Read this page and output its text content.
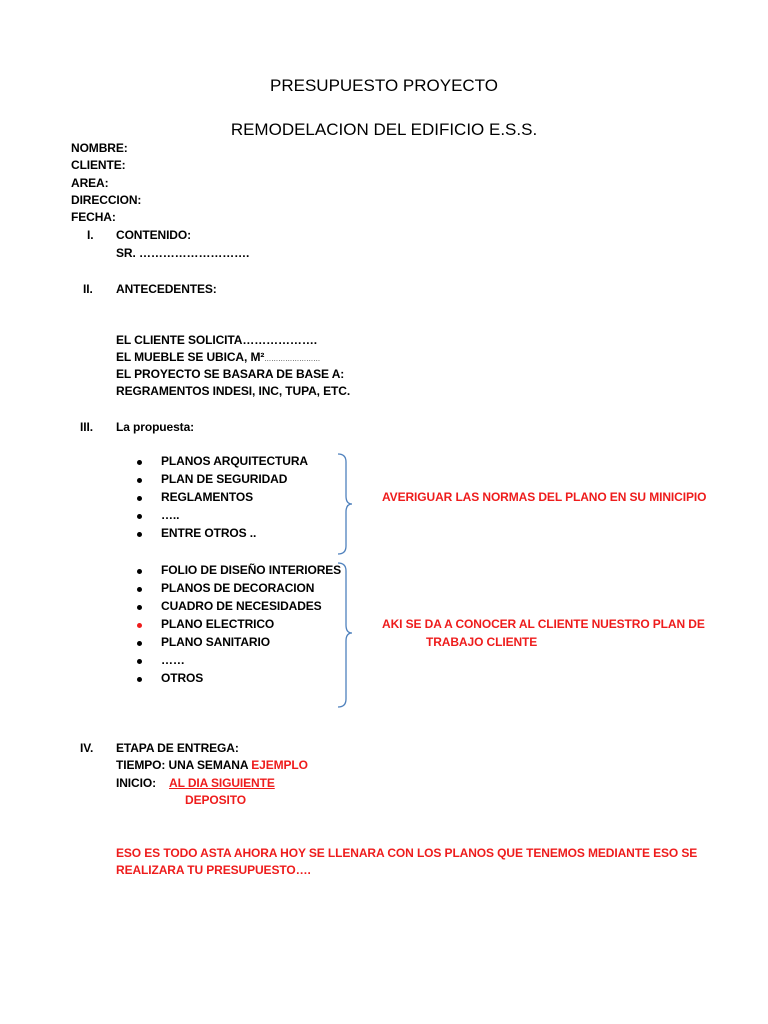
PRESUPUESTO PROYECTO
REMODELACION DEL EDIFICIO E.S.S.
NOMBRE:
CLIENTE:
AREA:
DIRECCION:
FECHA:
I. CONTENIDO:
SR. ……………………….
II. ANTECEDENTES:
EL CLIENTE SOLICITA……………….
EL MUEBLE SE UBICA, M²……………………
EL PROYECTO SE BASARA DE BASE A:
REGRAMENTOS INDESI, INC, TUPA, ETC.
III. La propuesta:
PLANOS ARQUITECTURA
PLAN DE SEGURIDAD
REGLAMENTOS
…..
ENTRE OTROS ..
AVERIGUAR LAS NORMAS DEL PLANO EN SU MINICIPIO
FOLIO DE DISEÑO INTERIORES
PLANOS DE DECORACION
CUADRO DE NECESIDADES
PLANO ELECTRICO
PLANO SANITARIO
……
OTROS
AKI SE DA A CONOCER AL CLIENTE NUESTRO PLAN DE
TRABAJO CLIENTE
IV. ETAPA DE ENTREGA:
TIEMPO: UNA SEMANA EJEMPLO
INICIO: AL DIA SIGUIENTE
DEPOSITO
ESO ES TODO ASTA AHORA HOY SE LLENARA CON LOS PLANOS QUE TENEMOS MEDIANTE ESO SE
REALIZARA TU PRESUPUESTO….
